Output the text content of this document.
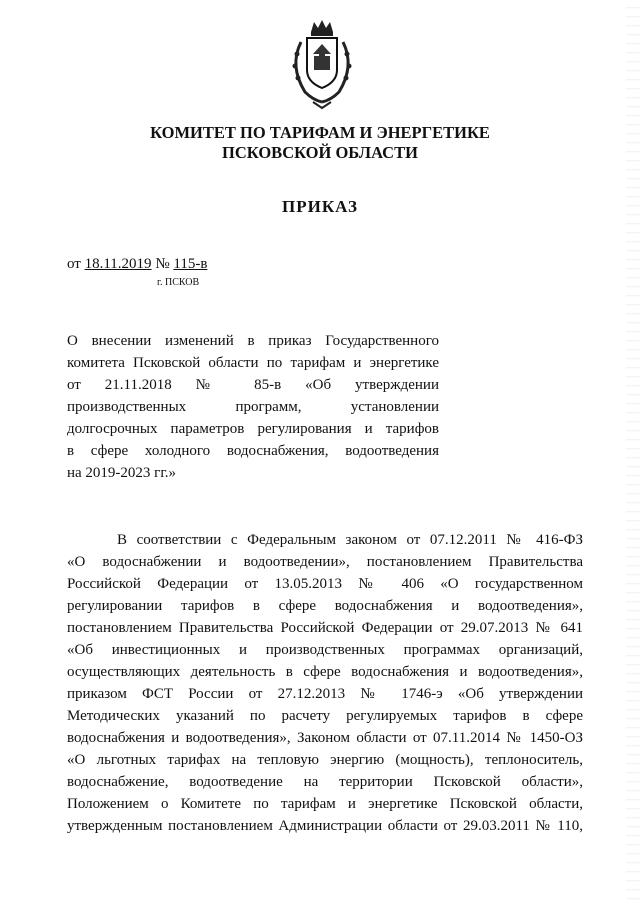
КОМИТЕТ ПО ТАРИФАМ И ЭНЕРГЕТИКЕ
ПСКОВСКОЙ ОБЛАСТИ
ПРИКАЗ
от 18.11.2019 № 115-в
г. ПСКОВ
О внесении изменений в приказ Государственного
комитета Псковской области по тарифам и энергетике
от 21.11.2018 № 85-в «Об утверждении
производственных программ, установлении
долгосрочных параметров регулирования и тарифов
в сфере холодного водоснабжения, водоотведения
на 2019-2023 гг.»
В соответствии с Федеральным законом от 07.12.2011 № 416-ФЗ
«О водоснабжении и водоотведении», постановлением Правительства
Российской Федерации от 13.05.2013 № 406 «О государственном
регулировании тарифов в сфере водоснабжения и водоотведения»,
постановлением Правительства Российской Федерации от 29.07.2013 № 641
«Об инвестиционных и производственных программах организаций,
осуществляющих деятельность в сфере водоснабжения и водоотведения»,
приказом ФСТ России от 27.12.2013 № 1746-э «Об утверждении
Методических указаний по расчету регулируемых тарифов в сфере
водоснабжения и водоотведения», Законом области от 07.11.2014 № 1450-ОЗ
«О льготных тарифах на тепловую энергию (мощность), теплоноситель,
водоснабжение, водоотведение на территории Псковской области»,
Положением о Комитете по тарифам и энергетике Псковской области,
утвержденным постановлением Администрации области от 29.03.2011 № 110,
